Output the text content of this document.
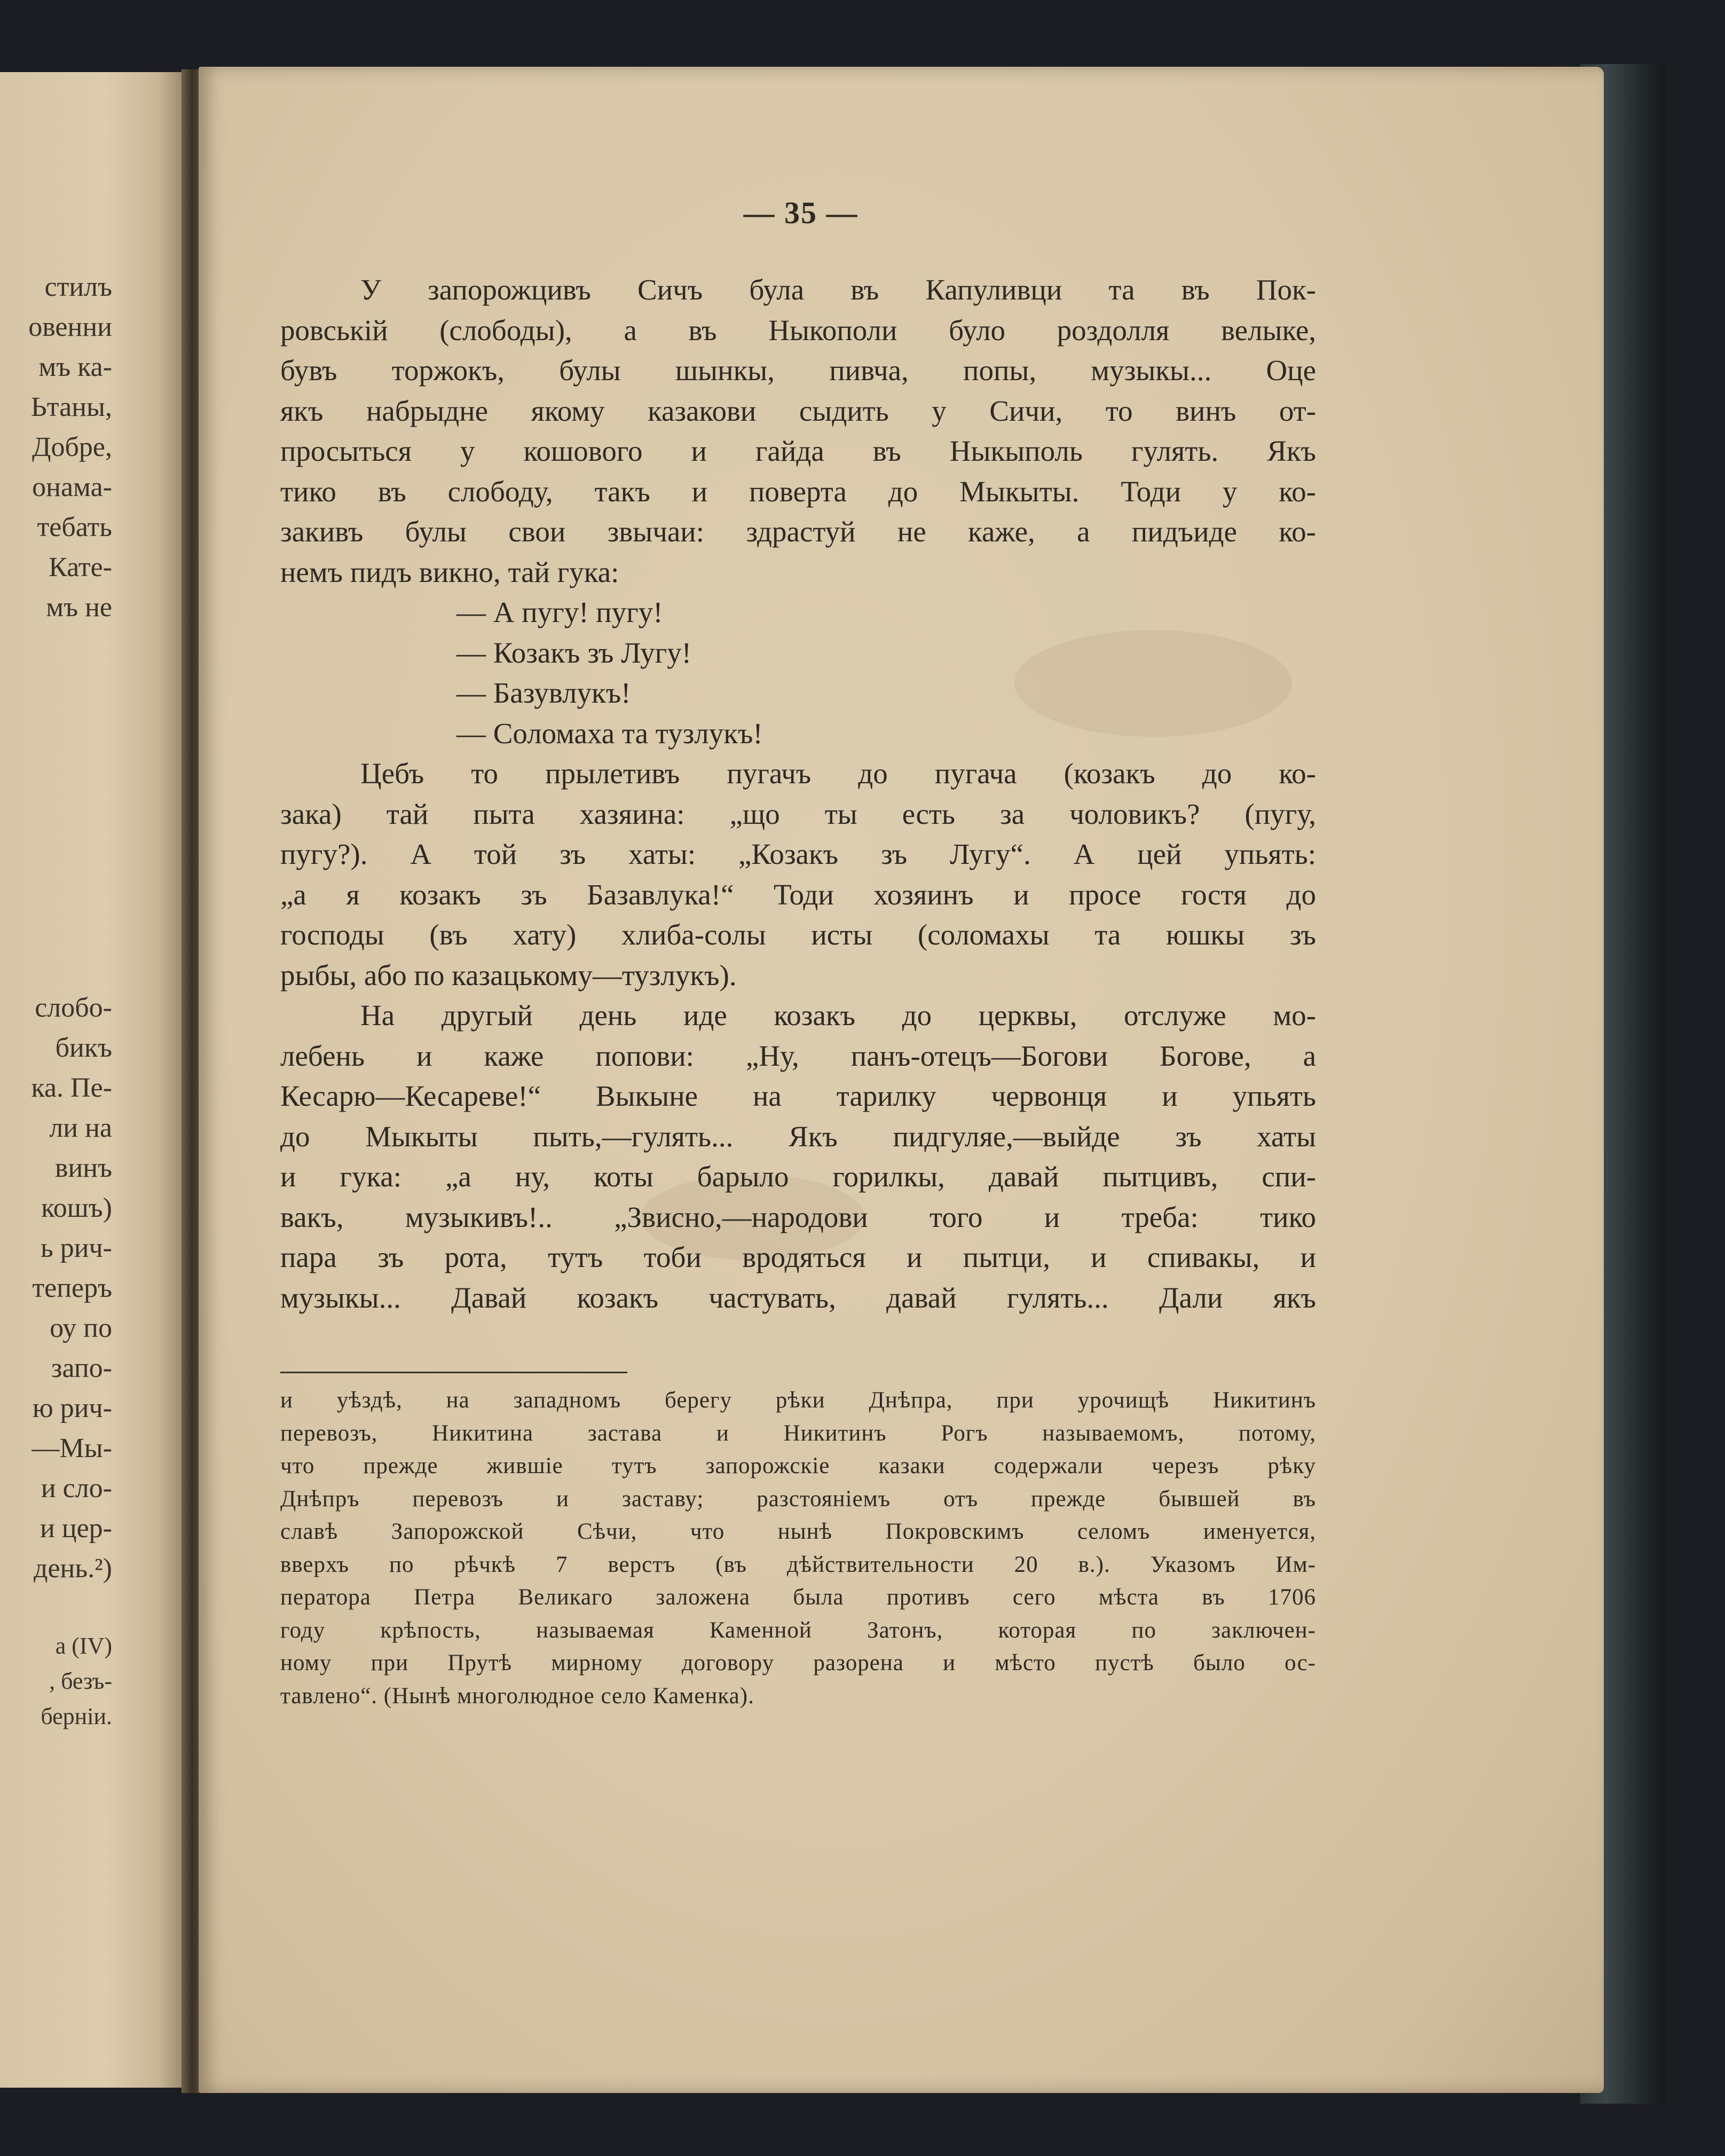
стилъ
овенни
мъ ка-
Ьтаны,
Добре,
онама-
тебать
Кате-
мъ не
слобо-
бикъ
ка. Пе-
ли на
винъ
кошъ)
ь рич-
теперъ
оу по
запо-
ю рич-
—Мы-
и сло-
и цер-
день.²)
а (IV)
, безъ-
берніи.
— 35 —
У запорожцивъ Сичъ була въ Капуливци та въ Пок-
ровській (слободы), а въ Ныкополи було роздолля велыке,
бувъ торжокъ, булы шынкы, пивча, попы, музыкы... Оце
якъ набрыдне якому казакови сыдить у Сичи, то винъ от-
просыться у кошового и гайда въ Ныкыполь гулять. Якъ
тико въ слободу, такъ и поверта до Мыкыты. Тоди у ко-
закивъ булы свои звычаи: здрастуй не каже, а пидъиде ко-
немъ пидъ викно, тай гука:
— А пугу! пугу!
— Козакъ зъ Лугу!
— Базувлукъ!
— Соломаха та тузлукъ!
Цебъ то прылетивъ пугачъ до пугача (козакъ до ко-
зака) тай пыта хазяина: „що ты есть за чоловикъ? (пугу,
пугу?). А той зъ хаты: „Козакъ зъ Лугу“. А цей упьять:
„а я козакъ зъ Базавлука!“ Тоди хозяинъ и просе гостя до
господы (въ хату) хлиба-солы исты (соломахы та юшкы зъ
рыбы, або по казацькому—тузлукъ).
На другый день иде козакъ до церквы, отслуже мо-
лебень и каже попови: „Ну, панъ-отецъ—Богови Богове, а
Кесарю—Кесареве!“ Выкыне на тарилку червонця и упьять
до Мыкыты пыть,—гулять... Якъ пидгуляе,—выйде зъ хаты
и гука: „а ну, коты барыло горилкы, давай пытцивъ, спи-
вакъ, музыкивъ!.. „Звисно,—народови того и треба: тико
пара зъ рота, тутъ тоби вродяться и пытци, и спивакы, и
музыкы... Давай козакъ частувать, давай гулять... Дали якъ
и уѣздѣ, на западномъ берегу рѣки Днѣпра, при урочищѣ Никитинъ
перевозъ, Никитина застава и Никитинъ Рогъ называемомъ, потому,
что прежде жившіе тутъ запорожскіе казаки содержали черезъ рѣку
Днѣпръ перевозъ и заставу; разстояніемъ отъ прежде бывшей въ
славѣ Запорожской Сѣчи, что нынѣ Покровскимъ селомъ именуется,
вверхъ по рѣчкѣ 7 верстъ (въ дѣйствительности 20 в.). Указомъ Им-
ператора Петра Великаго заложена была противъ сего мѣста въ 1706
году крѣпость, называемая Каменной Затонъ, которая по заключен-
ному при Прутѣ мирному договору разорена и мѣсто пустѣ было ос-
тавлено“. (Нынѣ многолюдное село Каменка).
